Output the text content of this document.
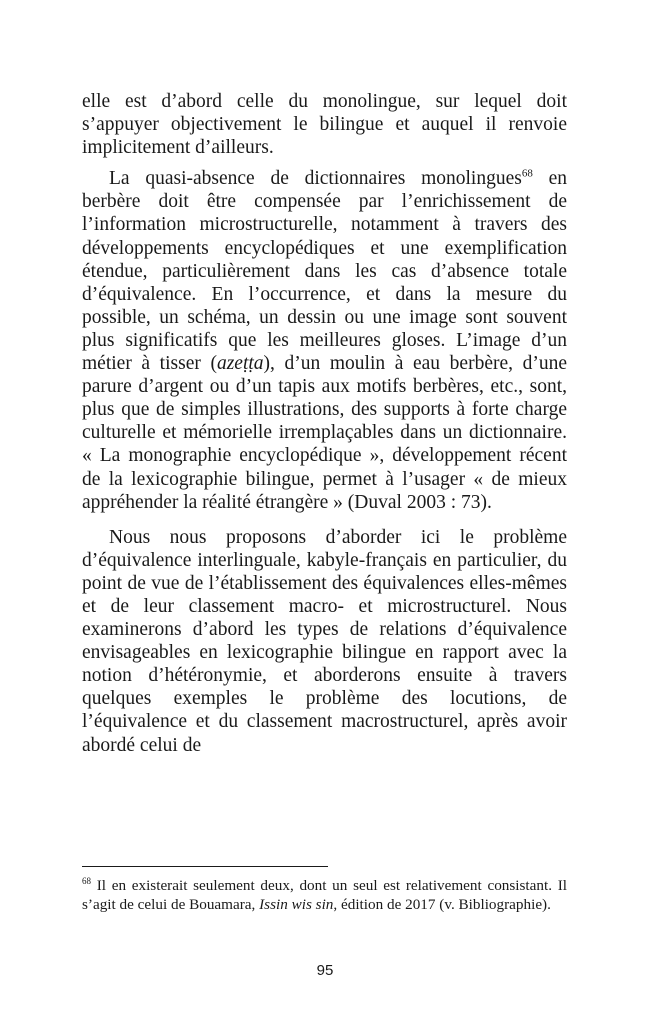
elle est d’abord celle du monolingue, sur lequel doit s’appuyer objectivement le bilingue et auquel il renvoie implicitement d’ailleurs.

La quasi-absence de dictionnaires monolingues$^{68}$ en berbère doit être compensée par l’enrichissement de l’information microstructurelle, notamment à travers des développements encyclopédiques et une exemplification étendue, particulièrement dans les cas d’absence totale d’équivalence. En l’occurrence, et dans la mesure du possible, un schéma, un dessin ou une image sont souvent plus significatifs que les meilleures gloses. L’image d’un métier à tisser (azeṭṭa), d’un moulin à eau berbère, d’une parure d’argent ou d’un tapis aux motifs berbères, etc., sont, plus que de simples illustrations, des supports à forte charge culturelle et mémorielle irremplaçables dans un dictionnaire. « La monographie encyclopédique », développement récent de la lexicographie bilingue, permet à l’usager « de mieux appréhender la réalité étrangère » (Duval 2003 : 73).

Nous nous proposons d’aborder ici le problème d’équivalence interlinguale, kabyle-français en particulier, du point de vue de l’établissement des équivalences elles-mêmes et de leur classement macro- et microstructurel. Nous examinerons d’abord les types de relations d’équivalence envisageables en lexicographie bilingue en rapport avec la notion d’hétéronymie, et aborderons ensuite à travers quelques exemples le problème des locutions, de l’équivalence et du classement macrostructurel, après avoir abordé celui de

$^{68}$ Il en existerait seulement deux, dont un seul est relativement consistant. Il s’agit de celui de Bouamara, Issin wis sin, édition de 2017 (v. Bibliographie).

95
